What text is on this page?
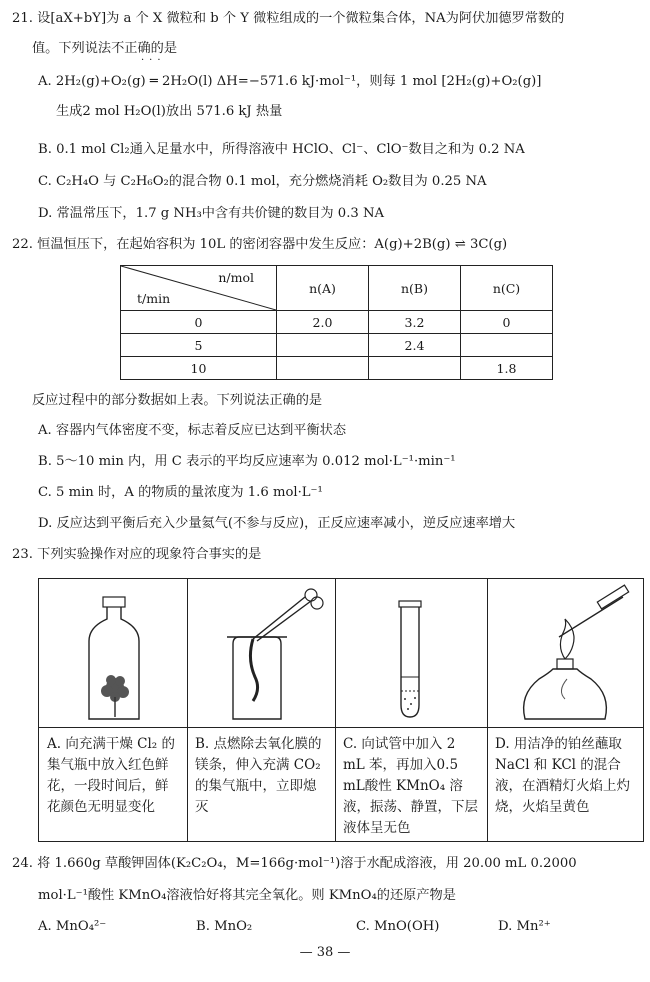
21. 设[aX+bY]为 a 个 X 微粒和 b 个 Y 微粒组成的一个微粒集合体，NA为阿伏加德罗常数的
值。下列说法不正确的是
···
A. 2H₂(g)+O₂(g) ═ 2H₂O(l) ΔH=−571.6 kJ·mol⁻¹，则每 1 mol [2H₂(g)+O₂(g)]
生成2 mol H₂O(l)放出 571.6 kJ 热量
B. 0.1 mol Cl₂通入足量水中，所得溶液中 HClO、Cl⁻、ClO⁻数目之和为 0.2 NA
C. C₂H₄O 与 C₂H₆O₂的混合物 0.1 mol，充分燃烧消耗 O₂数目为 0.25 NA
D. 常温常压下，1.7 g NH₃中含有共价键的数目为 0.3 NA
22. 恒温恒压下，在起始容积为 10L 的密闭容器中发生反应：A(g)+2B(g) ⇌ 3C(g)
n/mol
t/min	n(A)	n(B)	n(C)
0	2.0	3.2	0
5		2.4	
10			1.8
反应过程中的部分数据如上表。下列说法正确的是
A. 容器内气体密度不变，标志着反应已达到平衡状态
B. 5～10 min 内，用 C 表示的平均反应速率为 0.012 mol·L⁻¹·min⁻¹
C. 5 min 时，A 的物质的量浓度为 1.6 mol·L⁻¹
D. 反应达到平衡后充入少量氦气(不参与反应)，正反应速率减小，逆反应速率增大
23. 下列实验操作对应的现象符合事实的是
A. 向充满干燥 Cl₂ 的集气瓶中放入红色鲜花，一段时间后，鲜花颜色无明显变化
B. 点燃除去氧化膜的镁条，伸入充满 CO₂ 的集气瓶中，立即熄灭
C. 向试管中加入 2 mL 苯，再加入0.5 mL酸性 KMnO₄ 溶液，振荡、静置，下层液体呈无色
D. 用洁净的铂丝蘸取 NaCl 和 KCl 的混合液，在酒精灯火焰上灼烧，火焰呈黄色
24. 将 1.660g 草酸钾固体(K₂C₂O₄，M=166g·mol⁻¹)溶于水配成溶液，用 20.00 mL 0.2000
mol·L⁻¹酸性 KMnO₄溶液恰好将其完全氧化。则 KMnO₄的还原产物是
A. MnO₄²⁻	B. MnO₂	C. MnO(OH)	D. Mn²⁺
— 38 —
